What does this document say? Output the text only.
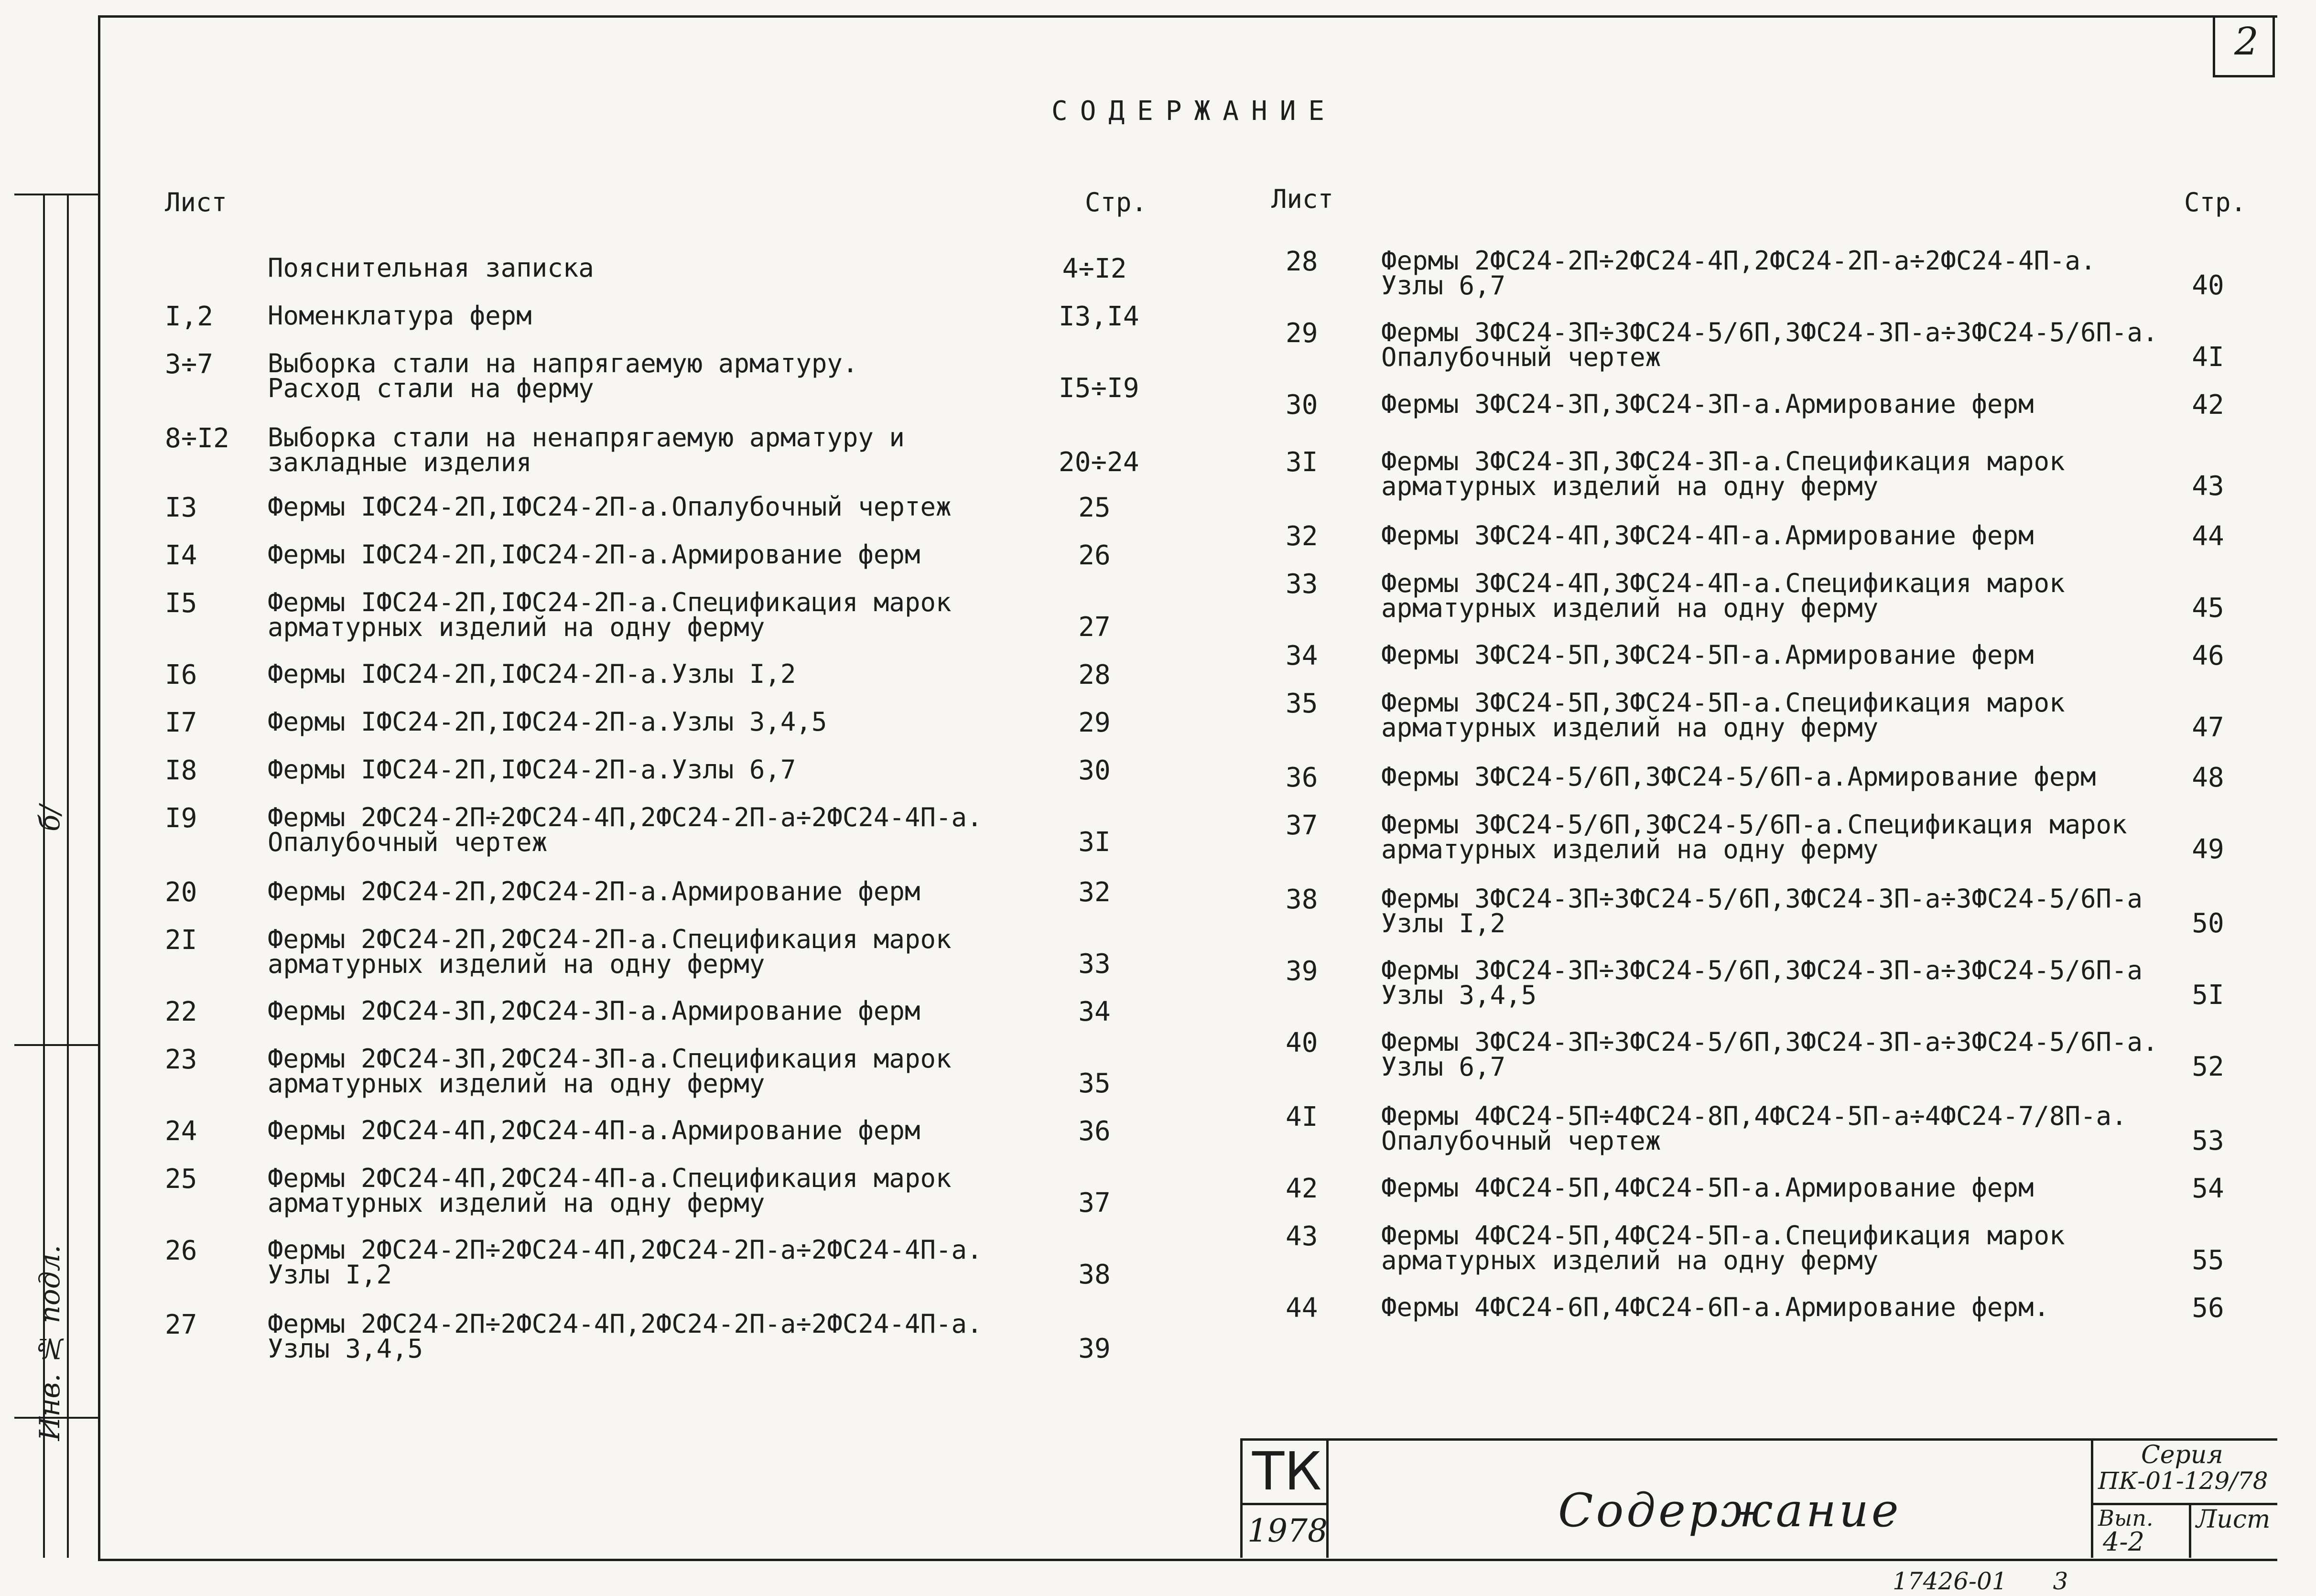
2
Инв. № подл.
б/
СОДЕРЖАНИЕ
Лист	Стр.	Лист	Стр.
Пояснительная записка	4÷I2
I,2 Номенклатура ферм	I3,I4
3÷7 Выборка стали на напрягаемую арматуру.
Расход стали на ферму	I5÷I9
8÷I2 Выборка стали на ненапрягаемую арматуру и
закладные изделия	20÷24
I3	Фермы IФС24-2П,IФС24-2П-а.Опалубочный чертеж	25
I4	Фермы IФС24-2П,IФС24-2П-а.Армирование ферм	26
I5	Фермы IФС24-2П,IФС24-2П-а.Спецификация марок
арматурных изделий на одну ферму	27
I6	Фермы IФС24-2П,IФС24-2П-а.Узлы I,2	28
I7	Фермы IФС24-2П,IФС24-2П-а.Узлы 3,4,5	29
I8	Фермы IФС24-2П,IФС24-2П-а.Узлы 6,7	30
I9	Фермы 2ФС24-2П÷2ФС24-4П,2ФС24-2П-а÷2ФС24-4П-а.
Опалубочный чертеж	3I
20	Фермы 2ФС24-2П,2ФС24-2П-а.Армирование ферм	32
2I	Фермы 2ФС24-2П,2ФС24-2П-а.Спецификация марок
арматурных изделий на одну ферму	33
22	Фермы 2ФС24-3П,2ФС24-3П-а.Армирование ферм	34
23	Фермы 2ФС24-3П,2ФС24-3П-а.Спецификация марок
арматурных изделий на одну ферму	35
24	Фермы 2ФС24-4П,2ФС24-4П-а.Армирование ферм	36
25	Фермы 2ФС24-4П,2ФС24-4П-а.Спецификация марок
арматурных изделий на одну ферму	37
26	Фермы 2ФС24-2П÷2ФС24-4П,2ФС24-2П-а÷2ФС24-4П-а.
Узлы I,2	38
27	Фермы 2ФС24-2П÷2ФС24-4П,2ФС24-2П-а÷2ФС24-4П-а.
Узлы 3,4,5	39
28 Фермы 2ФС24-2П÷2ФС24-4П,2ФС24-2П-а÷2ФС24-4П-а.
Узлы 6,7	40
29 Фермы 3ФС24-3П÷3ФС24-5/6П,3ФС24-3П-а÷3ФС24-5/6П-а.
Опалубочный чертеж	4I
30 Фермы 3ФС24-3П,3ФС24-3П-а.Армирование ферм	42
3I Фермы 3ФС24-3П,3ФС24-3П-а.Спецификация марок
арматурных изделий на одну ферму	43
32 Фермы 3ФС24-4П,3ФС24-4П-а.Армирование ферм	44
33 Фермы 3ФС24-4П,3ФС24-4П-а.Спецификация марок
арматурных изделий на одну ферму	45
34 Фермы 3ФС24-5П,3ФС24-5П-а.Армирование ферм	46
35 Фермы 3ФС24-5П,3ФС24-5П-а.Спецификация марок
арматурных изделий на одну ферму	47
36 Фермы 3ФС24-5/6П,3ФС24-5/6П-а.Армирование ферм	48
37 Фермы 3ФС24-5/6П,3ФС24-5/6П-а.Спецификация марок
арматурных изделий на одну ферму	49
38 Фермы 3ФС24-3П÷3ФС24-5/6П,3ФС24-3П-а÷3ФС24-5/6П-а
Узлы I,2	50
39 Фермы 3ФС24-3П÷3ФС24-5/6П,3ФС24-3П-а÷3ФС24-5/6П-а
Узлы 3,4,5	5I
40 Фермы 3ФС24-3П÷3ФС24-5/6П,3ФС24-3П-а÷3ФС24-5/6П-а.
Узлы 6,7	52
4I Фермы 4ФС24-5П÷4ФС24-8П,4ФС24-5П-а÷4ФС24-7/8П-а.
Опалубочный чертеж	53
42 Фермы 4ФС24-5П,4ФС24-5П-а.Армирование ферм	54
43 Фермы 4ФС24-5П,4ФС24-5П-а.Спецификация марок
арматурных изделий на одну ферму	55
44 Фермы 4ФС24-6П,4ФС24-6П-а.Армирование ферм.	56
ТК
1978	Содержание
Серия
ПК-01-129/78
Вып.
4-2
Лист
17426-01 3
